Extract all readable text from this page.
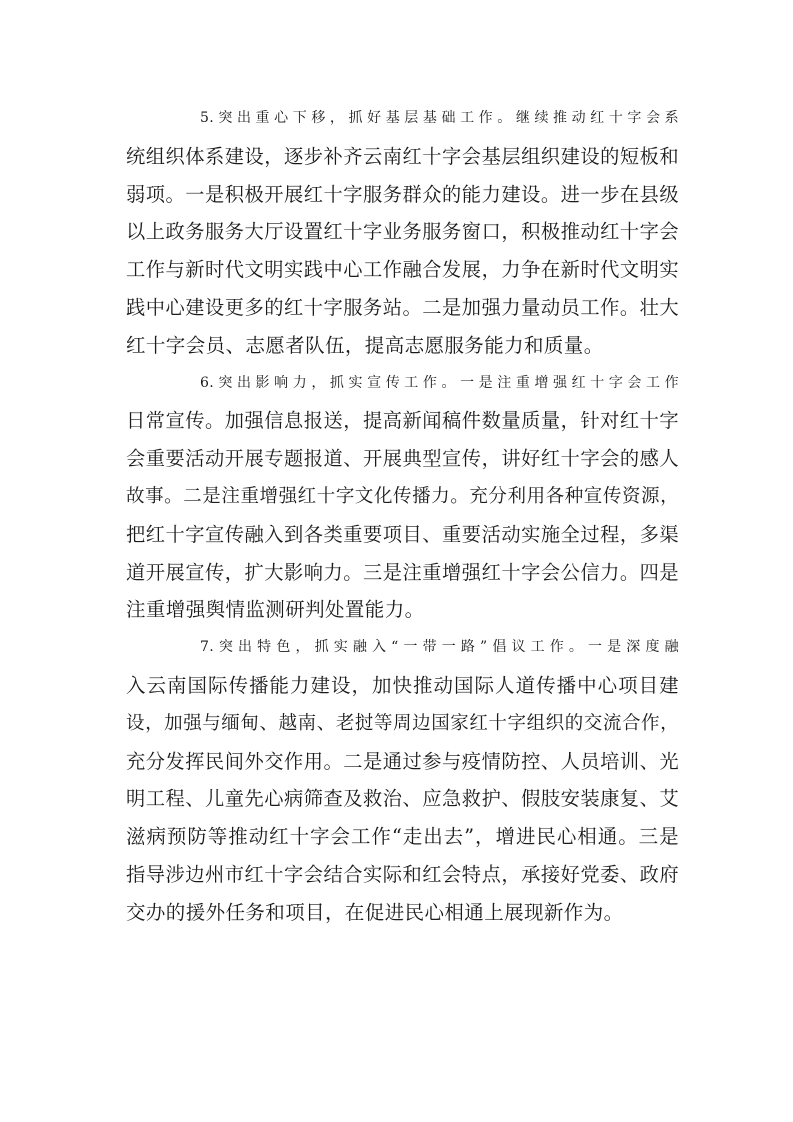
5.突出重心下移，抓好基层基础工作。继续推动红十字会系
统组织体系建设，逐步补齐云南红十字会基层组织建设的短板和
弱项。一是积极开展红十字服务群众的能力建设。进一步在县级
以上政务服务大厅设置红十字业务服务窗口，积极推动红十字会
工作与新时代文明实践中心工作融合发展，力争在新时代文明实
践中心建设更多的红十字服务站。二是加强力量动员工作。壮大
红十字会员、志愿者队伍，提高志愿服务能力和质量。

6.突出影响力，抓实宣传工作。一是注重增强红十字会工作
日常宣传。加强信息报送，提高新闻稿件数量质量，针对红十字
会重要活动开展专题报道、开展典型宣传，讲好红十字会的感人
故事。二是注重增强红十字文化传播力。充分利用各种宣传资源，
把红十字宣传融入到各类重要项目、重要活动实施全过程，多渠
道开展宣传，扩大影响力。三是注重增强红十字会公信力。四是
注重增强舆情监测研判处置能力。

7.突出特色，抓实融入“一带一路”倡议工作。一是深度融
入云南国际传播能力建设，加快推动国际人道传播中心项目建
设，加强与缅甸、越南、老挝等周边国家红十字组织的交流合作，
充分发挥民间外交作用。二是通过参与疫情防控、人员培训、光
明工程、儿童先心病筛查及救治、应急救护、假肢安装康复、艾
滋病预防等推动红十字会工作“走出去”，增进民心相通。三是
指导涉边州市红十字会结合实际和红会特点，承接好党委、政府
交办的援外任务和项目，在促进民心相通上展现新作为。
